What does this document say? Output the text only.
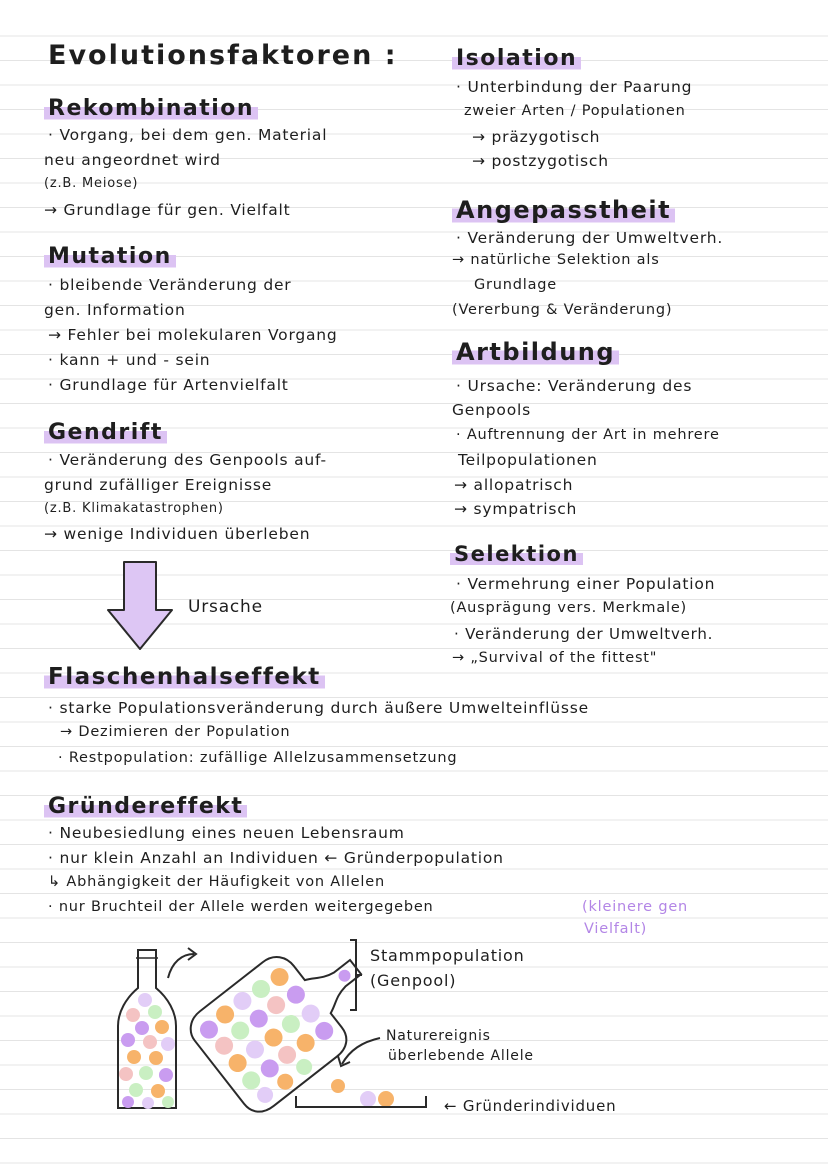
Evolutionsfaktoren :
Rekombination
· Vorgang, bei dem gen. Material
neu angeordnet wird
(z.B. Meiose)
→ Grundlage für gen. Vielfalt
Mutation
· bleibende Veränderung der
gen. Information
→ Fehler bei molekularen Vorgang
· kann + und - sein
· Grundlage für Artenvielfalt
Gendrift
· Veränderung des Genpools auf-
grund zufälliger Ereignisse
(z.B. Klimakatastrophen)
→ wenige Individuen überleben
Ursache
Isolation
· Unterbindung der Paarung
zweier Arten / Populationen
→ präzygotisch
→ postzygotisch
Angepasstheit
· Veränderung der Umweltverh.
→ natürliche Selektion als
Grundlage
(Vererbung & Veränderung)
Artbildung
· Ursache: Veränderung des
Genpools
· Auftrennung der Art in mehrere
Teilpopulationen
→ allopatrisch
→ sympatrisch
Selektion
· Vermehrung einer Population
(Ausprägung vers. Merkmale)
· Veränderung der Umweltverh.
→ „Survival of the fittest"
Flaschenhalseffekt
· starke Populationsveränderung durch äußere Umwelteinflüsse
→ Dezimieren der Population
· Restpopulation: zufällige Allelzusammensetzung
Gründereffekt
· Neubesiedlung eines neuen Lebensraum
· nur klein Anzahl an Individuen ← Gründerpopulation
↳ Abhängigkeit der Häufigkeit von Allelen
· nur Bruchteil der Allele werden weitergegeben	(kleinere gen
Vielfalt)
Stammpopulation
(Genpool)
Naturereignis
überlebende Allele
← Gründerindividuen
